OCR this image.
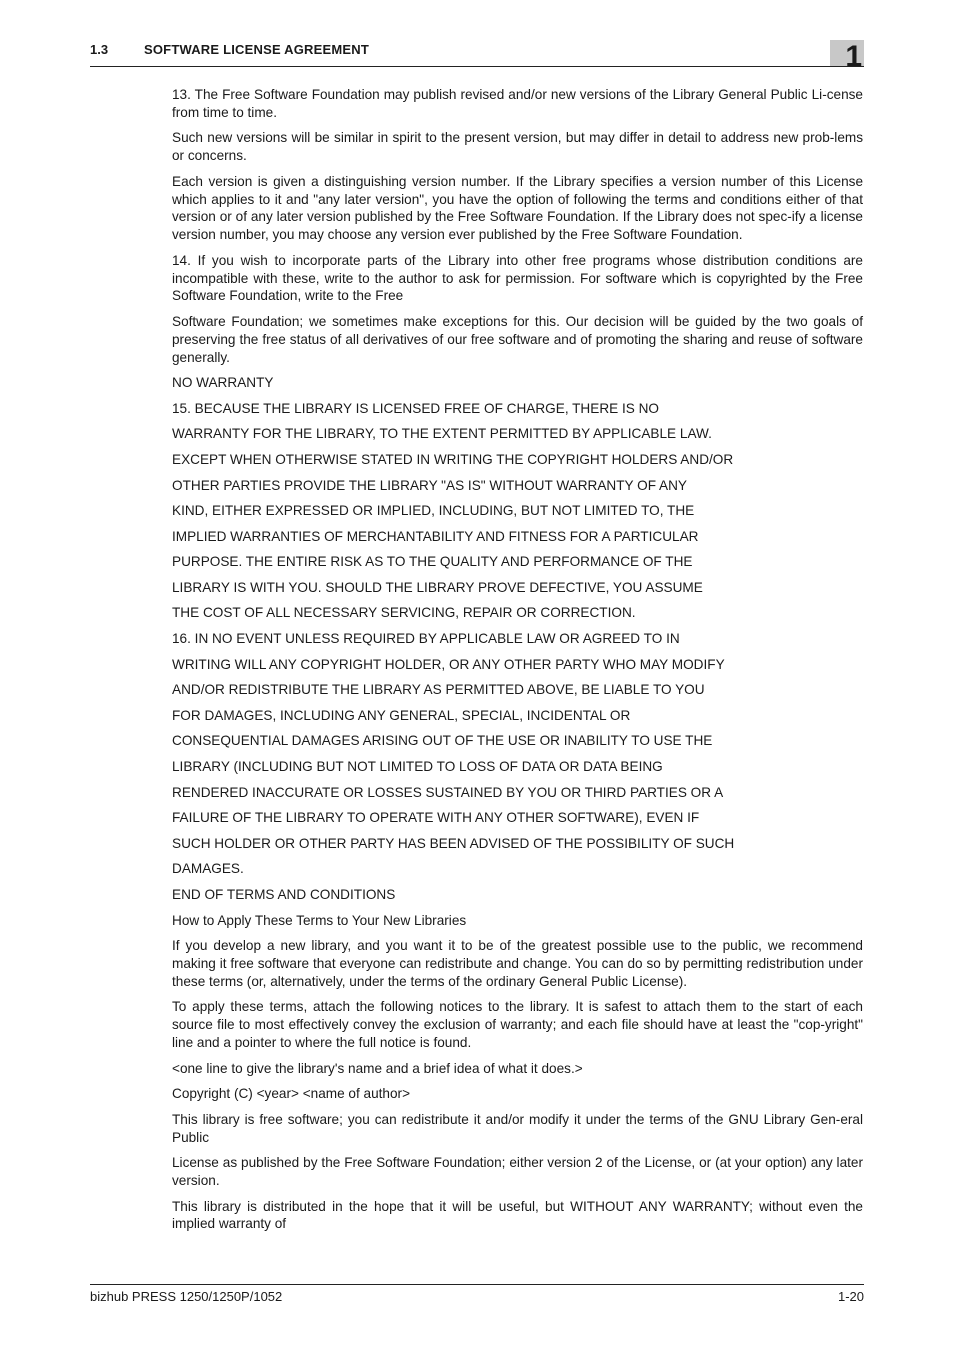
1.3	SOFTWARE LICENSE AGREEMENT	1

13. The Free Software Foundation may publish revised and/or new versions of the Library General Public Li-cense from time to time.

Such new versions will be similar in spirit to the present version, but may differ in detail to address new prob-lems or concerns.

Each version is given a distinguishing version number. If the Library specifies a version number of this License which applies to it and "any later version", you have the option of following the terms and conditions either of that version or of any later version published by the Free Software Foundation. If the Library does not spec-ify a license version number, you may choose any version ever published by the Free Software Foundation.

14. If you wish to incorporate parts of the Library into other free programs whose distribution conditions are incompatible with these, write to the author to ask for permission. For software which is copyrighted by the Free Software Foundation, write to the Free

Software Foundation; we sometimes make exceptions for this. Our decision will be guided by the two goals of preserving the free status of all derivatives of our free software and of promoting the sharing and reuse of software generally.

NO WARRANTY

15. BECAUSE THE LIBRARY IS LICENSED FREE OF CHARGE, THERE IS NO

WARRANTY FOR THE LIBRARY, TO THE EXTENT PERMITTED BY APPLICABLE LAW.

EXCEPT WHEN OTHERWISE STATED IN WRITING THE COPYRIGHT HOLDERS AND/OR

OTHER PARTIES PROVIDE THE LIBRARY "AS IS" WITHOUT WARRANTY OF ANY

KIND, EITHER EXPRESSED OR IMPLIED, INCLUDING, BUT NOT LIMITED TO, THE

IMPLIED WARRANTIES OF MERCHANTABILITY AND FITNESS FOR A PARTICULAR

PURPOSE. THE ENTIRE RISK AS TO THE QUALITY AND PERFORMANCE OF THE

LIBRARY IS WITH YOU. SHOULD THE LIBRARY PROVE DEFECTIVE, YOU ASSUME

THE COST OF ALL NECESSARY SERVICING, REPAIR OR CORRECTION.

16. IN NO EVENT UNLESS REQUIRED BY APPLICABLE LAW OR AGREED TO IN

WRITING WILL ANY COPYRIGHT HOLDER, OR ANY OTHER PARTY WHO MAY MODIFY

AND/OR REDISTRIBUTE THE LIBRARY AS PERMITTED ABOVE, BE LIABLE TO YOU

FOR DAMAGES, INCLUDING ANY GENERAL, SPECIAL, INCIDENTAL OR

CONSEQUENTIAL DAMAGES ARISING OUT OF THE USE OR INABILITY TO USE THE

LIBRARY (INCLUDING BUT NOT LIMITED TO LOSS OF DATA OR DATA BEING

RENDERED INACCURATE OR LOSSES SUSTAINED BY YOU OR THIRD PARTIES OR A

FAILURE OF THE LIBRARY TO OPERATE WITH ANY OTHER SOFTWARE), EVEN IF

SUCH HOLDER OR OTHER PARTY HAS BEEN ADVISED OF THE POSSIBILITY OF SUCH

DAMAGES.

END OF TERMS AND CONDITIONS

How to Apply These Terms to Your New Libraries

If you develop a new library, and you want it to be of the greatest possible use to the public, we recommend making it free software that everyone can redistribute and change. You can do so by permitting redistribution under these terms (or, alternatively, under the terms of the ordinary General Public License).

To apply these terms, attach the following notices to the library. It is safest to attach them to the start of each source file to most effectively convey the exclusion of warranty; and each file should have at least the "cop-yright" line and a pointer to where the full notice is found.

<one line to give the library's name and a brief idea of what it does.>

Copyright (C) <year> <name of author>

This library is free software; you can redistribute it and/or modify it under the terms of the GNU Library Gen-eral Public

License as published by the Free Software Foundation; either version 2 of the License, or (at your option) any later version.

This library is distributed in the hope that it will be useful, but WITHOUT ANY WARRANTY; without even the implied warranty of

bizhub PRESS 1250/1250P/1052	1-20
